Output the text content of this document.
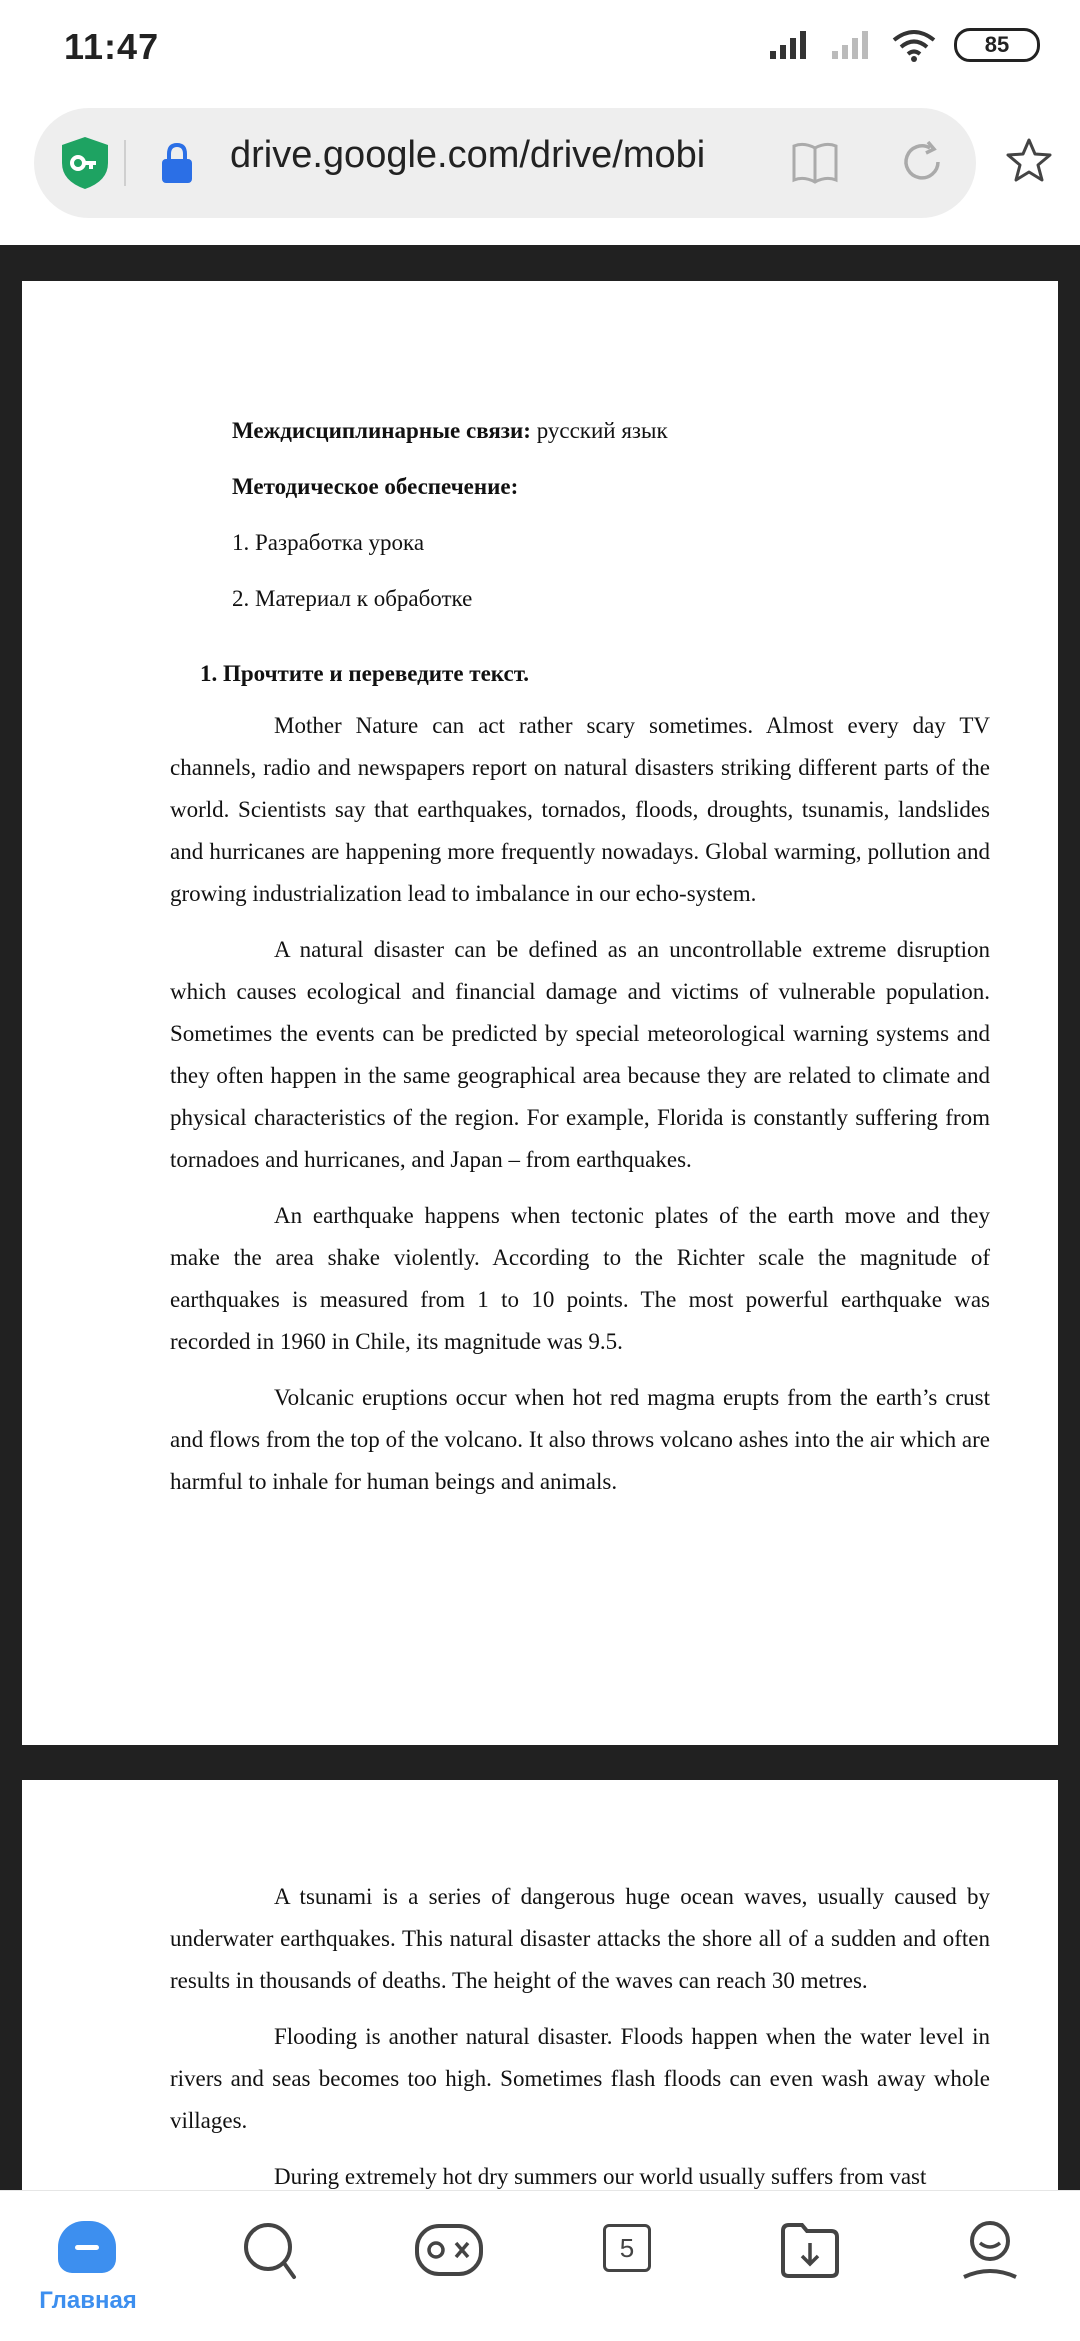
11:47	85
drive.google.com/drive/mobi
Междисциплинарные связи: русский язык
Методическое обеспечение:
1. Разработка урока
2. Материал к обработке
1. Прочтите и переведите текст.

Mother Nature can act rather scary sometimes. Almost every day TV channels, radio and newspapers report on natural disasters striking different parts of the world. Scientists say that earthquakes, tornados, floods, droughts, tsunamis, landslides and hurricanes are happening more frequently nowadays. Global warming, pollution and growing industrialization lead to imbalance in our echo-system.

A natural disaster can be defined as an uncontrollable extreme disruption which causes ecological and financial damage and victims of vulnerable population. Sometimes the events can be predicted by special meteorological warning systems and they often happen in the same geographical area because they are related to climate and physical characteristics of the region. For example, Florida is constantly suffering from tornadoes and hurricanes, and Japan – from earthquakes.

An earthquake happens when tectonic plates of the earth move and they make the area shake violently. According to the Richter scale the magnitude of earthquakes is measured from 1 to 10 points. The most powerful earthquake was recorded in 1960 in Chile, its magnitude was 9.5.

Volcanic eruptions occur when hot red magma erupts from the earth’s crust and flows from the top of the volcano. It also throws volcano ashes into the air which are harmful to inhale for human beings and animals.

A tsunami is a series of dangerous huge ocean waves, usually caused by underwater earthquakes. This natural disaster attacks the shore all of a sudden and often results in thousands of deaths. The height of the waves can reach 30 metres.

Flooding is another natural disaster. Floods happen when the water level in rivers and seas becomes too high. Sometimes flash floods can even wash away whole villages.

During extremely hot dry summers our world usually suffers from vast

Главная
5
